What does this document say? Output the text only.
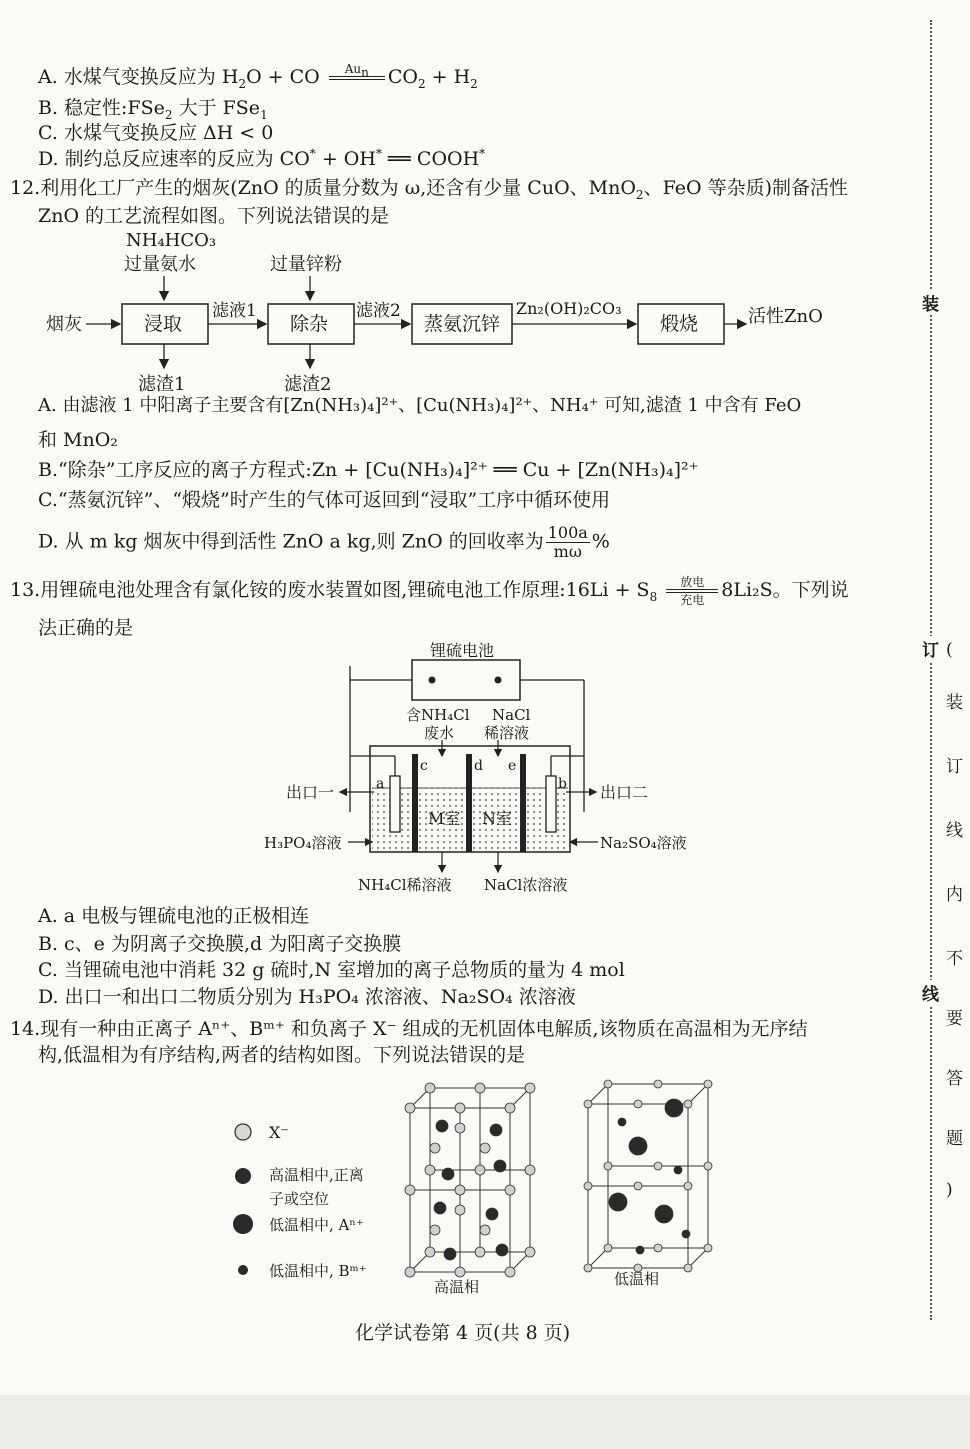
A. 水煤气变换反应为 $H_2O$ + CO	$Au_n$
$CO_2 + H_2$
B. 稳定性:FSe$_2$ 大于 FSe$_1$
C. 水煤气变换反应 ΔH < 0
D. 制约总反应速率的反应为 CO* + OH* ══ COOH*
12.利用化工厂产生的烟灰(ZnO 的质量分数为 ω,还含有少量 CuO、MnO$_2$、FeO 等杂质)制备活性
ZnO 的工艺流程如图。下列说法错误的是
NH₄HCO₃
过量氨水	过量锌粉
烟灰	浸取
滤液1
除杂
滤液2
蒸氨沉锌
Zn₂(OH)₂CO₃
煅烧	活性ZnO
滤渣1	滤渣2
A. 由滤液 1 中阳离子主要含有[Zn(NH₃)₄]²⁺、[Cu(NH₃)₄]²⁺、NH₄⁺ 可知,滤渣 1 中含有 FeO
和 MnO₂
B.“除杂”工序反应的离子方程式:Zn + [Cu(NH₃)₄]²⁺ ══ Cu + [Zn(NH₃)₄]²⁺
C.“蒸氨沉锌”、“煅烧”时产生的气体可返回到“浸取”工序中循环使用
D. 从 m kg 烟灰中得到活性 ZnO a kg,则 ZnO 的回收率为 $\frac{100a}{m\omega}$ %
13.用锂硫电池处理含有氯化铵的废水装置如图,锂硫电池工作原理:16Li + $S_8$
放电
充电 8Li₂S。下列说
法正确的是
锂硫电池
c	d e
a	b
M室 N室
含NH₄Cl
废水
NaCl
稀溶液
出口一	出口二
H₃PO₄溶液	Na₂SO₄溶液
NH₄Cl稀溶液 NaCl浓溶液
A. a 电极与锂硫电池的正极相连
B. c、e 为阴离子交换膜,d 为阳离子交换膜
C. 当锂硫电池中消耗 32 g 硫时,N 室增加的离子总物质的量为 4 mol
D. 出口一和出口二物质分别为 H₃PO₄ 浓溶液、Na₂SO₄ 浓溶液
14.现有一种由正离子 Aⁿ⁺、Bᵐ⁺ 和负离子 X⁻ 组成的无机固体电解质,该物质在高温相为无序结
构,低温相为有序结构,两者的结构如图。下列说法错误的是
X⁻
高温相中,正离
子或空位
低温相中, Aⁿ⁺
低温相中, Bᵐ⁺
高温相	低温相
装
订
线
(
装
订
线
内
不
要
答
题
)
化学试卷第 4 页(共 8 页)
